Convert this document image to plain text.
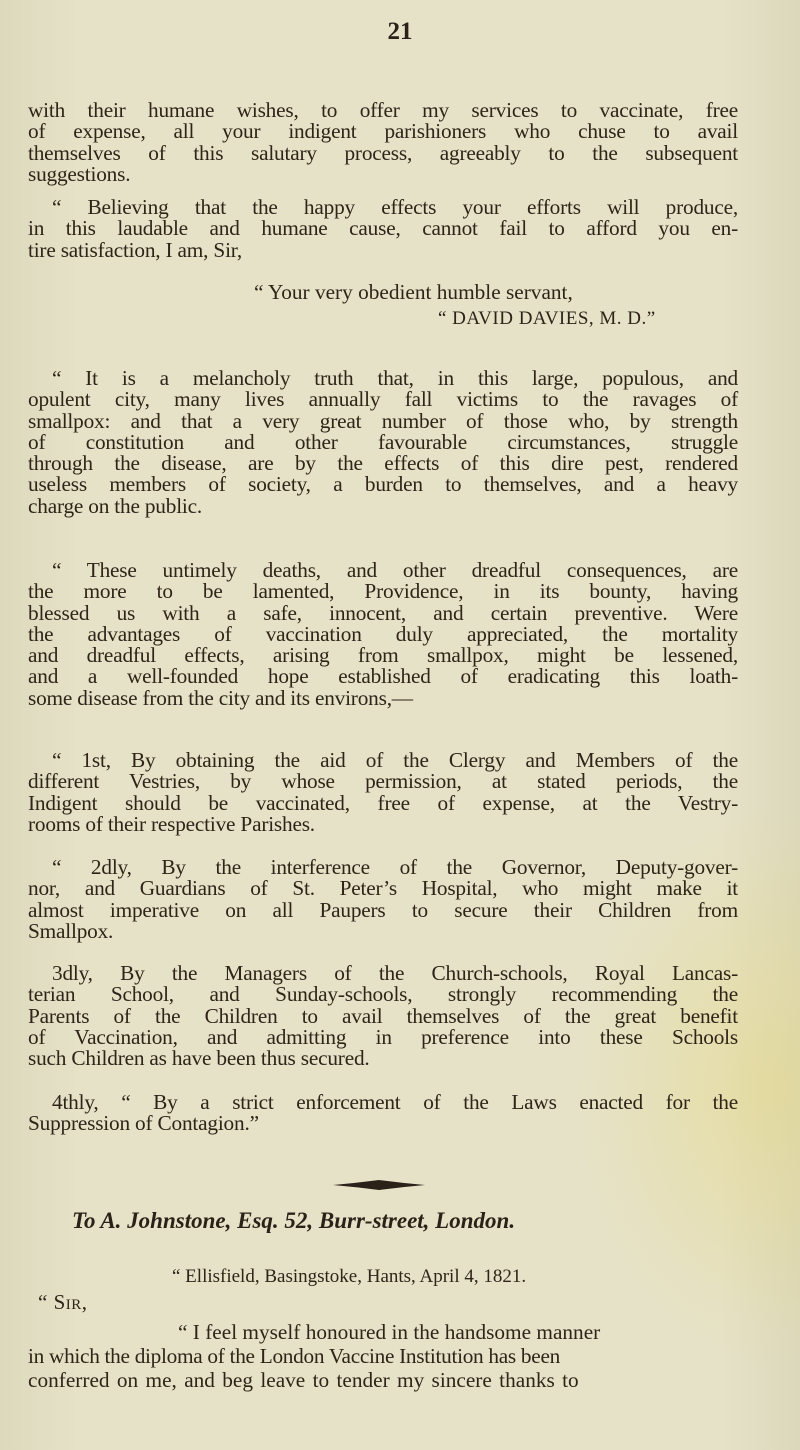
21
with their humane wishes, to offer my services to vaccinate, free
of expense, all your indigent parishioners who chuse to avail
themselves of this salutary process, agreeably to the subsequent
suggestions.
“ Believing that the happy effects your efforts will produce,
in this laudable and humane cause, cannot fail to afford you en-
tire satisfaction, I am, Sir,
“ Your very obedient humble servant,
“ DAVID DAVIES, M. D.”
“ It is a melancholy truth that, in this large, populous, and
opulent city, many lives annually fall victims to the ravages of
smallpox: and that a very great number of those who, by strength
of constitution and other favourable circumstances, struggle
through the disease, are by the effects of this dire pest, rendered
useless members of society, a burden to themselves, and a heavy
charge on the public.
“ These untimely deaths, and other dreadful consequences, are
the more to be lamented, Providence, in its bounty, having
blessed us with a safe, innocent, and certain preventive. Were
the advantages of vaccination duly appreciated, the mortality
and dreadful effects, arising from smallpox, might be lessened,
and a well-founded hope established of eradicating this loath-
some disease from the city and its environs,—
“ 1st, By obtaining the aid of the Clergy and Members of the
different Vestries, by whose permission, at stated periods, the
Indigent should be vaccinated, free of expense, at the Vestry-
rooms of their respective Parishes.
“ 2dly, By the interference of the Governor, Deputy-gover-
nor, and Guardians of St. Peter’s Hospital, who might make it
almost imperative on all Paupers to secure their Children from
Smallpox.
3dly, By the Managers of the Church-schools, Royal Lancas-
terian School, and Sunday-schools, strongly recommending the
Parents of the Children to avail themselves of the great benefit
of Vaccination, and admitting in preference into these Schools
such Children as have been thus secured.
4thly, “ By a strict enforcement of the Laws enacted for the
Suppression of Contagion.”
To A. Johnstone, Esq. 52, Burr-street, London.
“ Ellisfield, Basingstoke, Hants, April 4, 1821.
“ Sir,
“ I feel myself honoured in the handsome manner
in which the diploma of the London Vaccine Institution has been
conferred on me, and beg leave to tender my sincere thanks to
